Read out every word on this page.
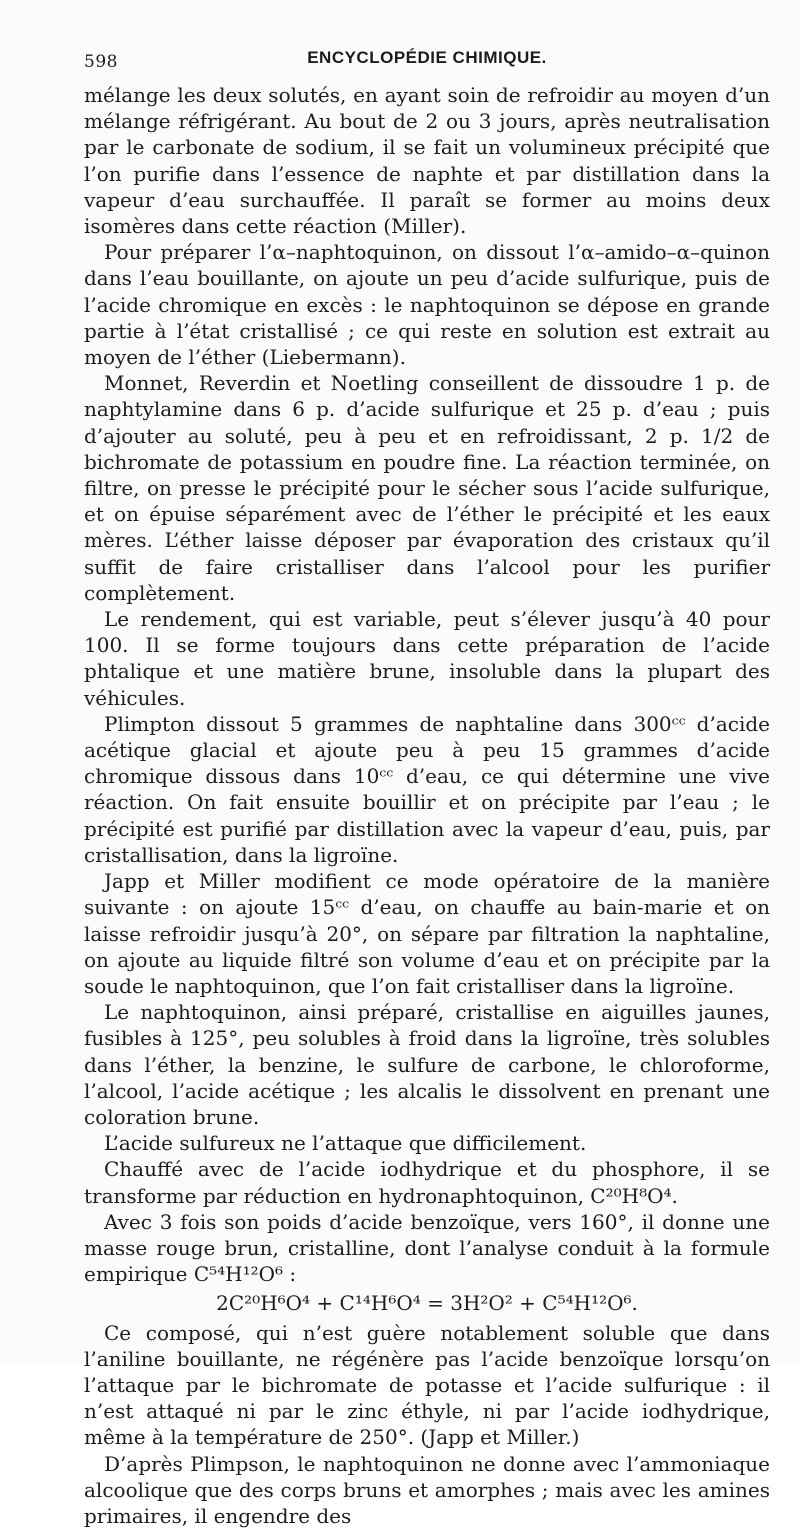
598	ENCYCLOPÉDIE CHIMIQUE.

mélange les deux solutés, en ayant soin de refroidir au moyen d’un mélange réfrigérant. Au bout de 2 ou 3 jours, après neutralisation par le carbonate de sodium, il se fait un volumineux précipité que l’on purifie dans l’essence de naphte et par distillation dans la vapeur d’eau surchauffée. Il paraît se former au moins deux isomères dans cette réaction (Miller).

Pour préparer l’α–naphtoquinon, on dissout l’α–amido–α–quinon dans l’eau bouillante, on ajoute un peu d’acide sulfurique, puis de l’acide chromique en excès : le naphtoquinon se dépose en grande partie à l’état cristallisé ; ce qui reste en solution est extrait au moyen de l’éther (Liebermann).

Monnet, Reverdin et Noetling conseillent de dissoudre 1 p. de naphtylamine dans 6 p. d’acide sulfurique et 25 p. d’eau ; puis d’ajouter au soluté, peu à peu et en refroidissant, 2 p. 1/2 de bichromate de potassium en poudre fine. La réaction terminée, on filtre, on presse le précipité pour le sécher sous l’acide sulfurique, et on épuise séparément avec de l’éther le précipité et les eaux mères. L’éther laisse déposer par évaporation des cristaux qu’il suffit de faire cristalliser dans l’alcool pour les purifier complètement.

Le rendement, qui est variable, peut s’élever jusqu’à 40 pour 100. Il se forme toujours dans cette préparation de l’acide phtalique et une matière brune, insoluble dans la plupart des véhicules.

Plimpton dissout 5 grammes de naphtaline dans 300ᶜᶜ d’acide acétique glacial et ajoute peu à peu 15 grammes d’acide chromique dissous dans 10ᶜᶜ d’eau, ce qui détermine une vive réaction. On fait ensuite bouillir et on précipite par l’eau ; le précipité est purifié par distillation avec la vapeur d’eau, puis, par cristallisation, dans la ligroïne.

Japp et Miller modifient ce mode opératoire de la manière suivante : on ajoute 15ᶜᶜ d’eau, on chauffe au bain-marie et on laisse refroidir jusqu’à 20°, on sépare par filtration la naphtaline, on ajoute au liquide filtré son volume d’eau et on précipite par la soude le naphtoquinon, que l’on fait cristalliser dans la ligroïne.

Le naphtoquinon, ainsi préparé, cristallise en aiguilles jaunes, fusibles à 125°, peu solubles à froid dans la ligroïne, très solubles dans l’éther, la benzine, le sulfure de carbone, le chloroforme, l’alcool, l’acide acétique ; les alcalis le dissolvent en prenant une coloration brune.

L’acide sulfureux ne l’attaque que difficilement.

Chauffé avec de l’acide iodhydrique et du phosphore, il se transforme par réduction en hydronaphtoquinon, C²⁰H⁸O⁴.

Avec 3 fois son poids d’acide benzoïque, vers 160°, il donne une masse rouge brun, cristalline, dont l’analyse conduit à la formule empirique C⁵⁴H¹²O⁶ :

2C²⁰H⁶O⁴ + C¹⁴H⁶O⁴ = 3H²O² + C⁵⁴H¹²O⁶.

Ce composé, qui n’est guère notablement soluble que dans l’aniline bouillante, ne régénère pas l’acide benzoïque lorsqu’on l’attaque par le bichromate de potasse et l’acide sulfurique : il n’est attaqué ni par le zinc éthyle, ni par l’acide iodhydrique, même à la température de 250°. (Japp et Miller.)

D’après Plimpson, le naphtoquinon ne donne avec l’ammoniaque alcoolique que des corps bruns et amorphes ; mais avec les amines primaires, il engendre des
